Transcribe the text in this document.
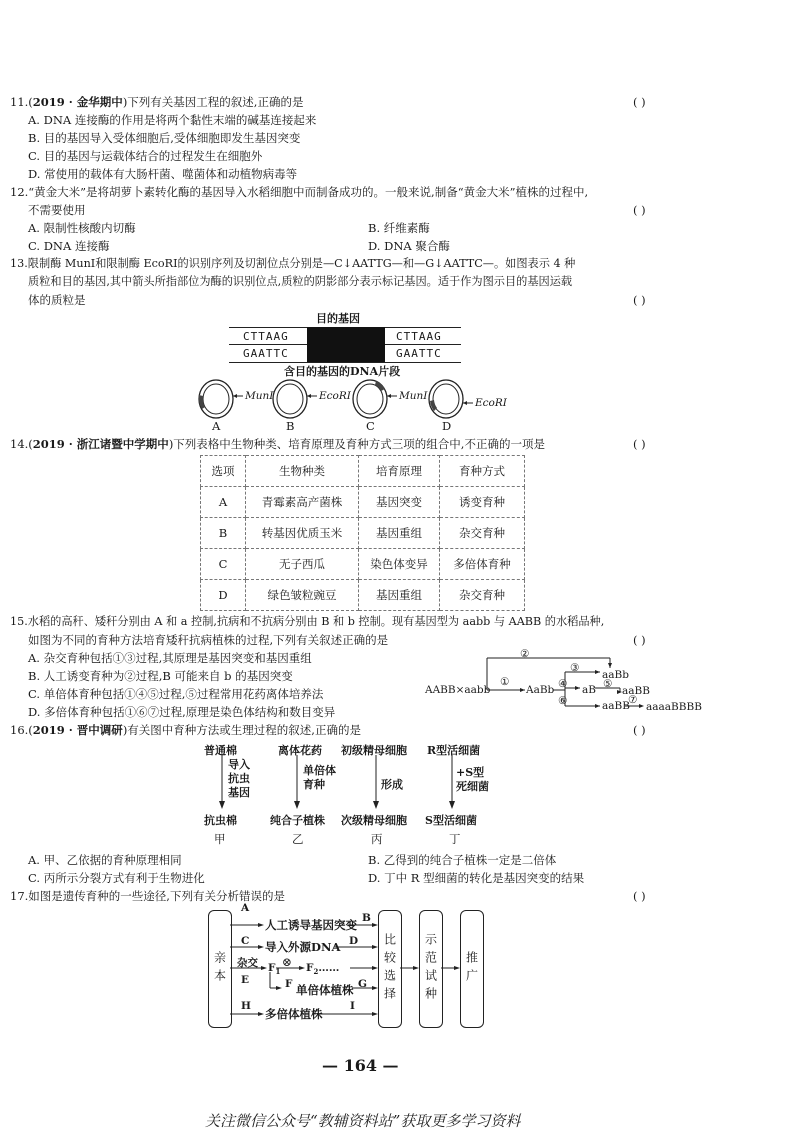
11.(2019 · 金华期中)下列有关基因工程的叙述,正确的是	( )
A. DNA 连接酶的作用是将两个黏性末端的碱基连接起来
B. 目的基因导入受体细胞后,受体细胞即发生基因突变
C. 目的基因与运载体结合的过程发生在细胞外
D. 常使用的载体有大肠杆菌、噬菌体和动植物病毒等
12.“黄金大米”是将胡萝卜素转化酶的基因导入水稻细胞中而制备成功的。一般来说,制备“黄金大米”植株的过程中,
不需要使用	( )
A. 限制性核酸内切酶	B. 纤维素酶
C. DNA 连接酶	D. DNA 聚合酶
13.限制酶 MunⅠ和限制酶 EcoRⅠ的识别序列及切割位点分别是—C↓AATTG—和—G↓AATTC—。如图表示 4 种
质粒和目的基因,其中箭头所指部位为酶的识别位点,质粒的阴影部分表示标记基因。适于作为图示目的基因运载
体的质粒是	( )
目的基因
CTTAAG
GAATTC
CTTAAG
GAATTC
含目的基因的DNA片段
MunⅠ	EcoRⅠ	MunⅠ
EcoRⅠ
A	B	C	D
14.(2019 · 浙江诸暨中学期中)下列表格中生物种类、培育原理及育种方式三项的组合中,不正确的一项是	( )
选项	生物种类	培育原理	育种方式
A	青霉素高产菌株	基因突变	诱变育种
B	转基因优质玉米	基因重组	杂交育种
C	无子西瓜	染色体变异	多倍体育种
D	绿色皱粒豌豆	基因重组	杂交育种
15.水稻的高秆、矮秆分别由 A 和 a 控制,抗病和不抗病分别由 B 和 b 控制。现有基因型为 aabb 与 AABB 的水稻品种,
如图为不同的育种方法培育矮秆抗病植株的过程,下列有关叙述正确的是	( )
A. 杂交育种包括①③过程,其原理是基因突变和基因重组
B. 人工诱变育种为②过程,B 可能来自 b 的基因突变
C. 单倍体育种包括①④⑤过程,⑤过程常用花药离体培养法
D. 多倍体育种包括①⑥⑦过程,原理是染色体结构和数目变异
AABB×aabb
①
AaBb
②
③
aaBb
④ aB ⑤
aaBB
⑥	aaBB
⑦
aaaaBBBB
16.(2019 · 晋中调研)有关图中育种方法或生理过程的叙述,正确的是	( )
普通棉
导入
抗虫
基因
抗虫棉
甲
离体花药
单倍体
育种
纯合子植株
乙
初级精母细胞
形成
次级精母细胞
丙
R型活细菌
+S型
死细菌
S型活细菌
丁
A. 甲、乙依据的育种原理相同	B. 乙得到的纯合子植株一定是二倍体
C. 丙所示分裂方式有利于生物进化	D. 丁中 R 型细菌的转化是基因突变的结果
17.如图是遗传育种的一些途径,下列有关分析错误的是	( )
亲本	比较选择 示范试种 推广
A
人工诱导基因突变 B
C 导入外源DNA D
杂交
E
$F_1$
⊗ $F_2\dots\dots$
F 单倍体植株 G
H
多倍体植株
I
— 164 —
关注微信公众号“教辅资料站”获取更多学习资料
